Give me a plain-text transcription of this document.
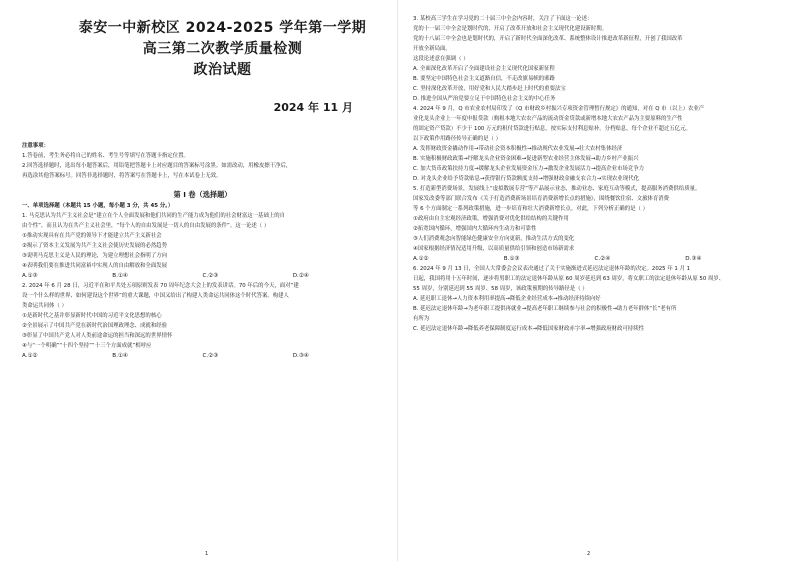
泰安一中新校区 2024-2025 学年第一学期
高三第二次教学质量检测
政治试题
2024 年 11 月
注意事项：
1.答卷前，考生务必将自己的姓名、考生号等填写在答题卡指定位置。
2.回答选择题时，选出每小题答案后，用铅笔把答题卡上对应题目的答案标号涂黑。如需改动，用橡皮擦干净后，
再选涂其他答案标号。回答非选择题时，将答案写在答题卡上，写在本试卷上无效。
第 I 卷（选择题）
一、单项选择题（本题共 15 小题，每小题 3 分，共 45 分。）
1. 马克思认为共产主义社会是“建立在个人全面发展和他们共同的生产能力成为他们的社会财富这一基础上的自
由个性”，而且认为在共产主义社会里，“每个人的自由发展是一切人的自由发展的条件”。这一论述（ ）
①推动实现具有在共产党的领导下才能建立共产主义新社会
②揭示了资本主义发展为共产主义社会使历史发展的必然趋势
③说明马克思主义是人民的理论，为建立理想社会指明了方向
④表明我们要在推进共同富裕中实现人的自由解放和全面发展
A.①③	B.①④	C.②③	D.②④
2. 2024 年 6 月 28 日，习近平在和平共处五项原则发表 70 周年纪念大会上的发表讲话。70 年后的今天，面对“建
设一个什么样的世界、如何建设这个世界”的重大课题，中国又给出了构建人类命运共同体这个时代答案。构建人
类命运共同体（ ）
①是新时代之基并彰显新时代中国的习近平文化思想的核心
②全景展示了中国共产党在新时代治国理政理念、成就和经验
③彰显了中国共产党人对人类前途命运的担当和深远的世界情怀
④与“一个明确”“十四个坚持”“十三个方面成就”相呼应
A.①②	B.①④	C.②③	D.③④
1
3. 某校高三学生在学习党的二十届三中全会内容时，关注了下面这一论述：
党的十一届三中全会是划时代的，开启了改革开放和社会主义现代化建设新时期。
党的十八届三中全会也是划时代的，开启了新时代全面深化改革、系统整体设计推进改革新征程，开创了我国改革
开放全新局面。
这段论述意在强调（ ）
A. 全面深化改革开启了全面建设社会主义现代化国家新征程
B. 要坚定中国特色社会主义道路自信，不走改旗易帜的邪路
C. 坚持深化改革开放，用好党和人民大踏步赶上时代的重要法宝
D. 推进全国从严治党要立足于中国特色社会主义的中心任务
4. 2024 年 9 月，Q 市农业农村局印发了《Q 市财政乡村振兴专项资金管理暂行规定》的通知，对在 Q 市（以上）农业产
业化龙头企业上一年度申报贷款（购租本地大农农产品的流动资金贷款或新增本地大农农产品为主要原料的生产性
的固定资产贷款）不少于 100 万元的租付贷款进行贴息，按实际支付利息贴补。分档贴息，每个企业不超过五亿元。
以下政策作用路径传导正确的是（ ）
A. 发挥财政资金撬动作用→带动社会资本积极性→推动现代农业发展→壮大农村集体经济
B. 实施积极财政政策→纾解龙头企业资金困难→促进新型农业经营主体发展→助力乡村产业振兴
C. 加大货币政策扶持力度→缓解龙头企业发展资金压力→激发企业发展活力→提高企业市场竞争力
D. 对龙头企业给予贷款贴息→获得银行贷款额度支持→增强财政金融支农合力→实现农业现代化
5. 打造新型消费场景，发展线上“虚拟数展专营”等产品展示业态，推动业态、家庭互动等模式，提高服务消费供给质量。
国家发改委等部门联合发布《关于打造消费新场景培育消费新增长点的措施》，围绕餐饮住宿、文旅体育消费
等 6 个方面制定一系列政策措施，进一步培育和壮大消费新增长点。对此，下列分析正确的是（ ）
①政府由自主宏观经济政策，增强消费对优化供给结构的关键作用
②拓宽国内循环，增强国内大循环内生动力和可靠性
③人们消费观念向智能绿色健康安全方向更新，推动生活方式的变化
④国家根据经济情况适用升级，以高质量供给引领和创造市场新需求
A.①②	B.①③	C.②④	D.③④
6. 2024 年 9 月 13 日，全国人大常委会会议表决通过了关于实施渐进式延迟法定退休年龄的决定。2025 年 1 月 1
日起，我国将用十五年时间，逐步将男职工的法定退休年龄从原 60 周岁延迟到 63 周岁，将女职工的法定退休年龄从原 50 周岁、
55 周岁，分别延迟到 55 周岁、58 周岁，该政策预期的传导路径是（ ）
A. 延迟职工退休→人力资本利用率提高→降低企业经营成本→推动经济持续向好
B. 延迟法定退休年龄→为老年职工提供再就业→提高老年职工继续参与社会的积极性→助力老年群体“长”老有所
有所为
C. 延迟法定退休年龄→降低养老保障制度运行成本→降低国家财政赤字率→增强政府财政可持续性
2
